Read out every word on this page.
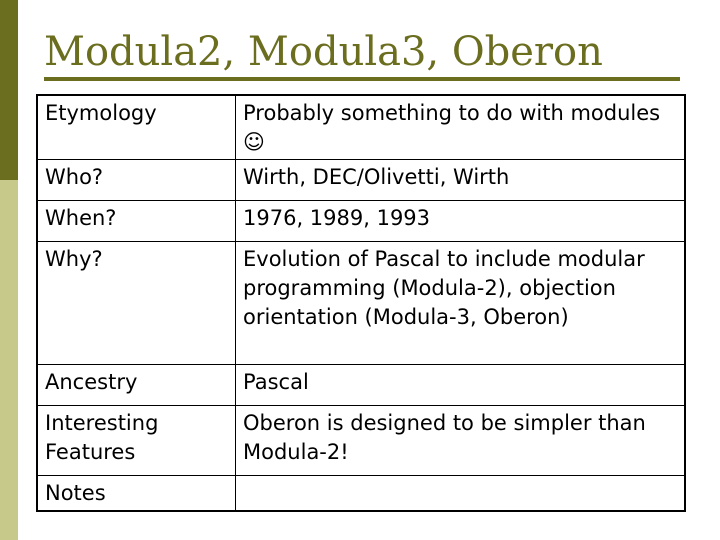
Modula2, Modula3, Oberon
Etymology	Probably something to do with modules ☺
Who?	Wirth, DEC/Olivetti, Wirth
When?	1976, 1989, 1993
Why?	Evolution of Pascal to include modular programming (Modula-2), objection orientation (Modula-3, Oberon)
Ancestry	Pascal
Interesting Features	Oberon is designed to be simpler than Modula-2!
Notes	
